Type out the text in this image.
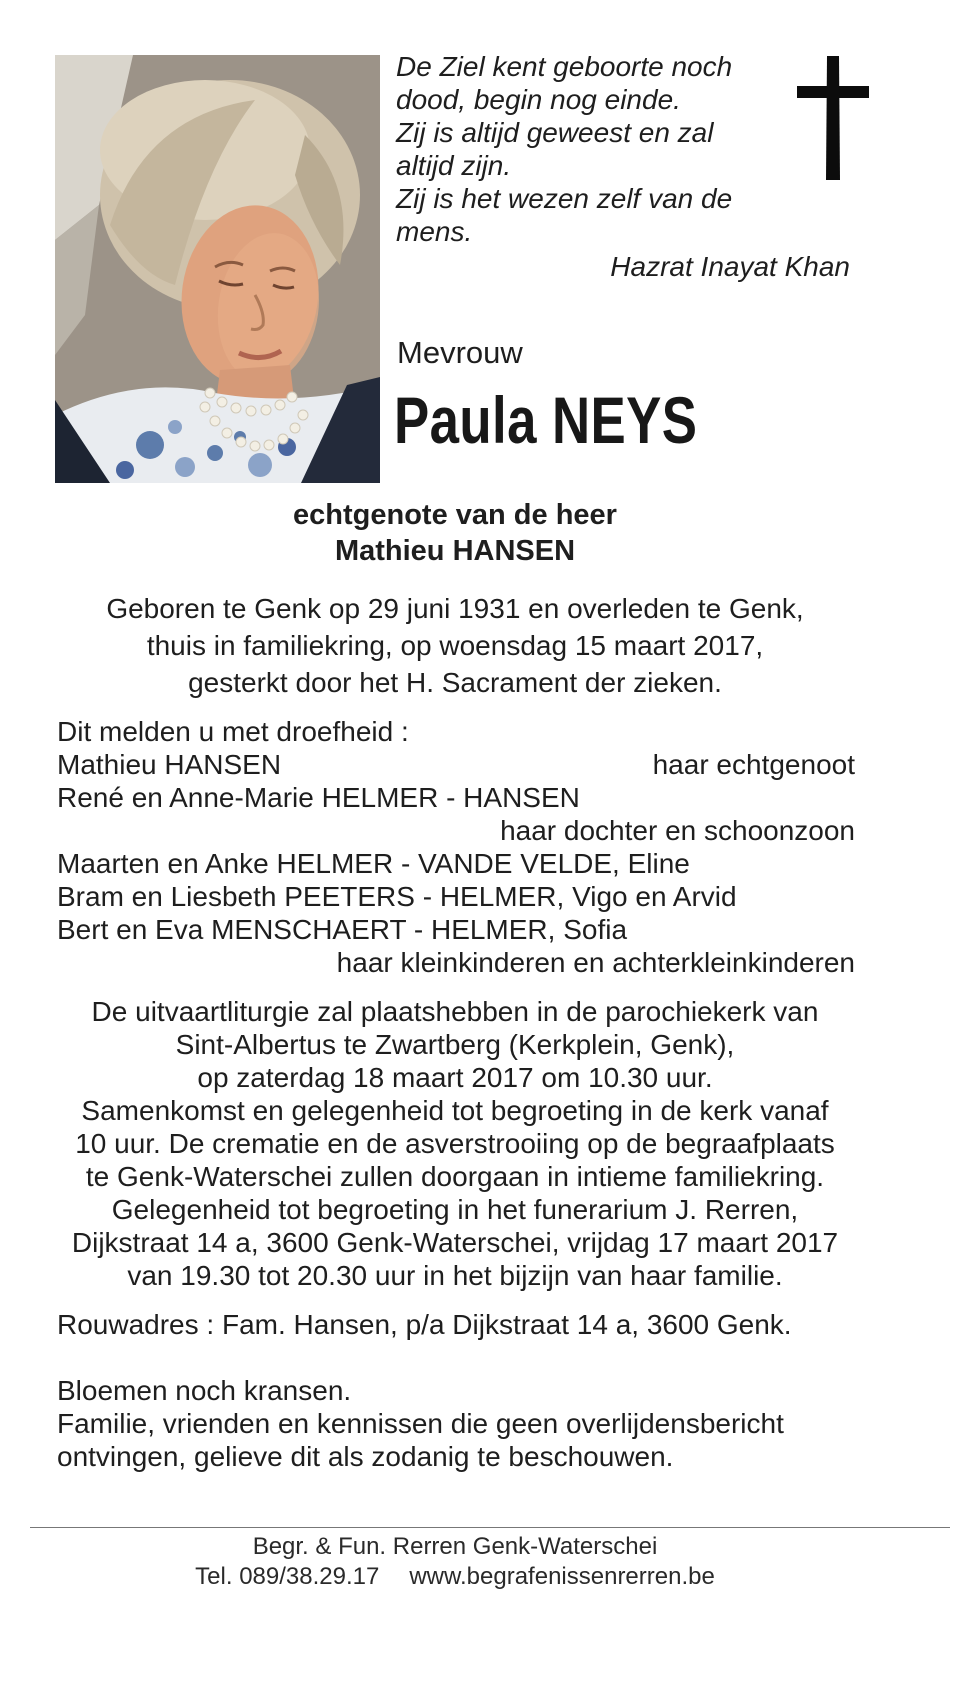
De Ziel kent geboorte noch
dood, begin nog einde.
Zij is altijd geweest en zal
altijd zijn.
Zij is het wezen zelf van de
mens.
Hazrat Inayat Khan
Mevrouw
Paula NEYS
echtgenote van de heer
Mathieu HANSEN
Geboren te Genk op 29 juni 1931 en overleden te Genk,
thuis in familiekring, op woensdag 15 maart 2017,
gesterkt door het H. Sacrament der zieken.
Dit melden u met droefheid :
Mathieu HANSEN	haar echtgenoot
René en Anne-Marie HELMER - HANSEN
haar dochter en schoonzoon
Maarten en Anke HELMER - VANDE VELDE, Eline
Bram en Liesbeth PEETERS - HELMER, Vigo en Arvid
Bert en Eva MENSCHAERT - HELMER, Sofia
haar kleinkinderen en achterkleinkinderen
De uitvaartliturgie zal plaatshebben in de parochiekerk van
Sint-Albertus te Zwartberg (Kerkplein, Genk),
op zaterdag 18 maart 2017 om 10.30 uur.
Samenkomst en gelegenheid tot begroeting in de kerk vanaf
10 uur. De crematie en de asverstrooiing op de begraafplaats
te Genk-Waterschei zullen doorgaan in intieme familiekring.
Gelegenheid tot begroeting in het funerarium J. Rerren,
Dijkstraat 14 a, 3600 Genk-Waterschei, vrijdag 17 maart 2017
van 19.30 tot 20.30 uur in het bijzijn van haar familie.
Rouwadres : Fam. Hansen, p/a Dijkstraat 14 a, 3600 Genk.
Bloemen noch kransen.
Familie, vrienden en kennissen die geen overlijdensbericht
ontvingen, gelieve dit als zodanig te beschouwen.
Begr. & Fun. Rerren Genk-Waterschei
Tel. 089/38.29.17 www.begrafenissenrerren.be
